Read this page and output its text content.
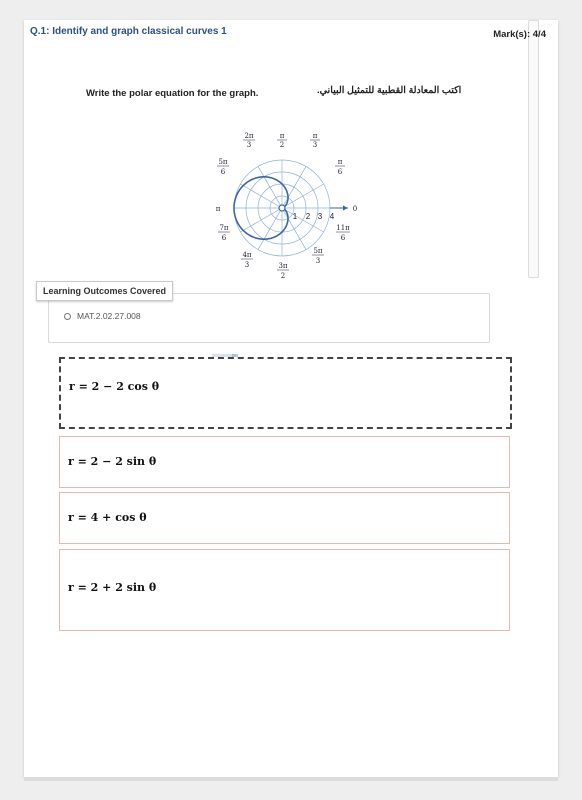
Q.1: Identify and graph classical curves 1	Mark(s): 4/4
Write the polar equation for the graph.	اكتب المعادلة القطبية للتمثيل البياني.
2π
3
π
2
π
3
5π
6
π
6
π	0
7π
6
11π
6
4π
3	3π
2
5π
3
1 2 3 4
Learning Outcomes Covered
MAT.2.02.27.008
r = 2 − 2 cos θ
r = 2 − 2 sin θ
r = 4 + cos θ
r = 2 + 2 sin θ
